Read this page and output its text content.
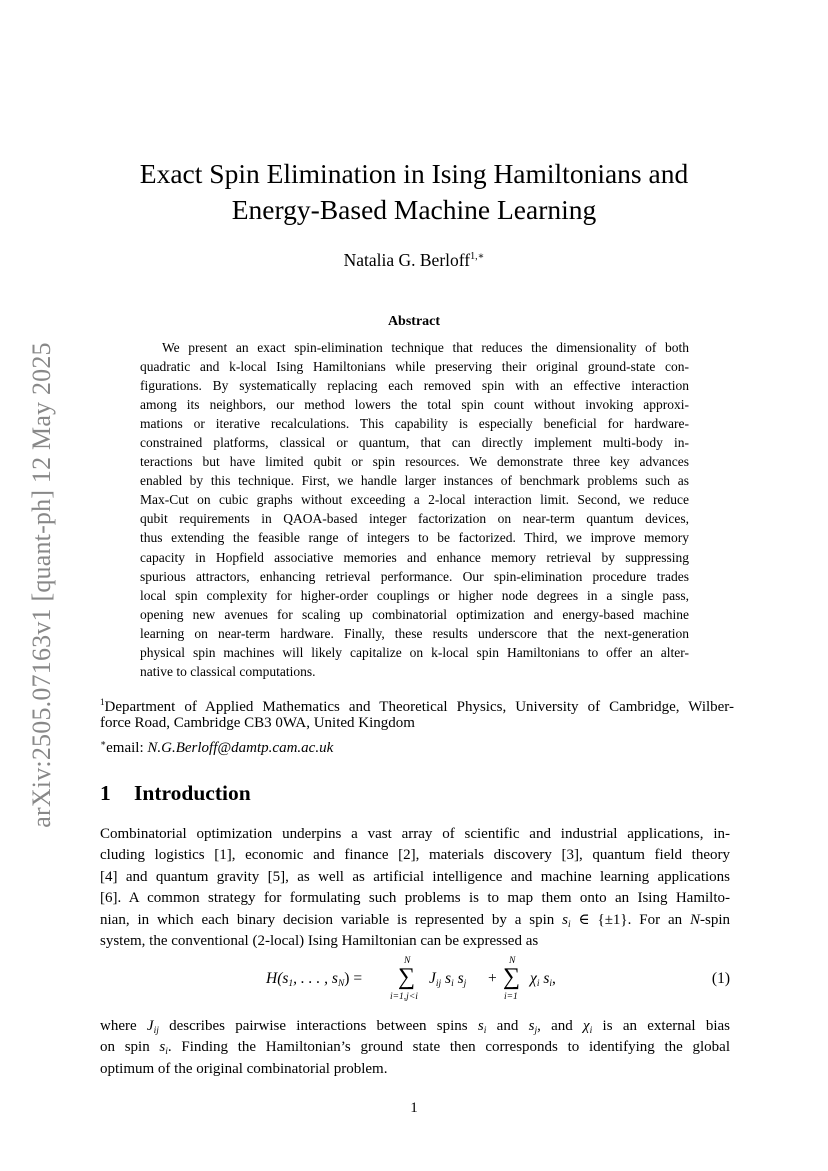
arXiv:2505.07163v1 [quant-ph] 12 May 2025
Exact Spin Elimination in Ising Hamiltonians and
Energy-Based Machine Learning
Natalia G. Berloff$^{1,∗}$
Abstract
We present an exact spin-elimination technique that reduces the dimensionality of both
quadratic and k-local Ising Hamiltonians while preserving their original ground-state con-
figurations. By systematically replacing each removed spin with an effective interaction
among its neighbors, our method lowers the total spin count without invoking approxi-
mations or iterative recalculations. This capability is especially beneficial for hardware-
constrained platforms, classical or quantum, that can directly implement multi-body in-
teractions but have limited qubit or spin resources. We demonstrate three key advances
enabled by this technique. First, we handle larger instances of benchmark problems such as
Max-Cut on cubic graphs without exceeding a 2-local interaction limit. Second, we reduce
qubit requirements in QAOA-based integer factorization on near-term quantum devices,
thus extending the feasible range of integers to be factorized. Third, we improve memory
capacity in Hopfield associative memories and enhance memory retrieval by suppressing
spurious attractors, enhancing retrieval performance. Our spin-elimination procedure trades
local spin complexity for higher-order couplings or higher node degrees in a single pass,
opening new avenues for scaling up combinatorial optimization and energy-based machine
learning on near-term hardware. Finally, these results underscore that the next-generation
physical spin machines will likely capitalize on k-local spin Hamiltonians to offer an alter-
native to classical computations.
$^1$Department of Applied Mathematics and Theoretical Physics, University of Cambridge, Wilber-
force Road, Cambridge CB3 0WA, United Kingdom
∗email: N.G.Berloff@damtp.cam.ac.uk
1 Introduction
Combinatorial optimization underpins a vast array of scientific and industrial applications, in-
cluding logistics [1], economic and finance [2], materials discovery [3], quantum field theory
[4] and quantum gravity [5], as well as artificial intelligence and machine learning applications
[6]. A common strategy for formulating such problems is to map them onto an Ising Hamilto-
nian, in which each binary decision variable is represented by a spin $s_i$ ∈ {±1}. For an N-spin
system, the conventional (2-local) Ising Hamiltonian can be expressed as
$H(s_1$, . . . , $s_N$) =
N
∑
i=1,j<i
$J_{ij}$ $s_i$ $s_j$ +
N
∑
i=1
$\chi_i$ $s_i$,	(1)
where $J_{ij}$ describes pairwise interactions between spins $s_i$ and $s_j$, and $\chi_i$ is an external bias
on spin $s_i$. Finding the Hamiltonian’s ground state then corresponds to identifying the global
optimum of the original combinatorial problem.
1
